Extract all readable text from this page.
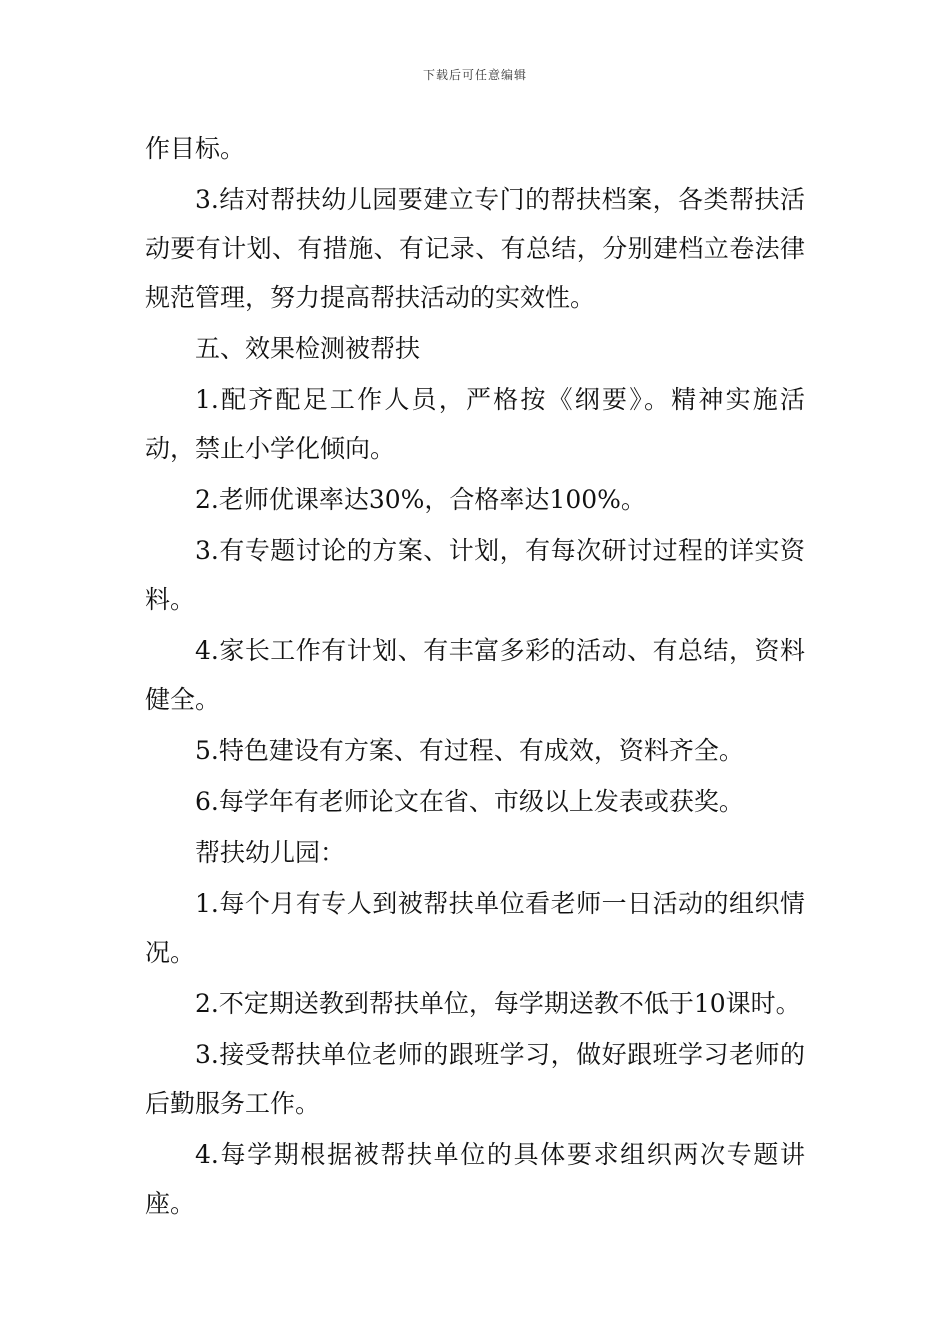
下载后可任意编辑

作目标。

3.结对帮扶幼儿园要建立专门的帮扶档案，各类帮扶活动要有计划、有措施、有记录、有总结，分别建档立卷法律规范管理，努力提高帮扶活动的实效性。

五、效果检测被帮扶

1.配齐配足工作人员，严格按《纲要》。精神实施活动，禁止小学化倾向。

2.老师优课率达30%，合格率达100%。

3.有专题讨论的方案、计划，有每次研讨过程的详实资料。

4.家长工作有计划、有丰富多彩的活动、有总结，资料健全。

5.特色建设有方案、有过程、有成效，资料齐全。

6.每学年有老师论文在省、市级以上发表或获奖。

帮扶幼儿园：

1.每个月有专人到被帮扶单位看老师一日活动的组织情况。

2.不定期送教到帮扶单位，每学期送教不低于10课时。

3.接受帮扶单位老师的跟班学习，做好跟班学习老师的后勤服务工作。

4.每学期根据被帮扶单位的具体要求组织两次专题讲座。
